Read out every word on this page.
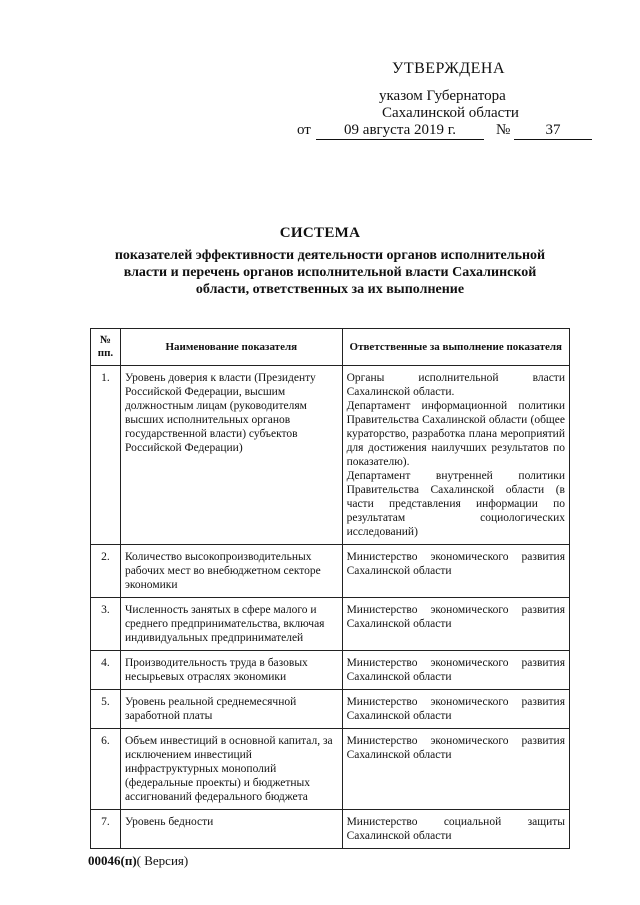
УТВЕРЖДЕНА
указом Губернатора
Сахалинской области
от	09 августа 2019 г.	№	37
СИСТЕМА
показателей эффективности деятельности органов исполнительной власти и перечень органов исполнительной власти Сахалинской области, ответственных за их выполнение
№ пп.	Наименование показателя	Ответственные за выполнение показателя
1.	Уровень доверия к власти (Президенту Российской Федерации, высшим должностным лицам (руководителям высших исполнительных органов государственной власти) субъектов Российской Федерации)	Органы исполнительной власти Сахалинской области.
Департамент информационной политики Правительства Сахалинской области (общее кураторство, разработка плана мероприятий для достижения наилучших результатов по показателю).
Департамент внутренней политики Правительства Сахалинской области (в части представления информации по результатам социологических исследований)

2.	Количество высокопроизводительных рабочих мест во внебюджетном секторе экономики	Министерство экономического развития Сахалинской области

3.	Численность занятых в сфере малого и среднего предпринимательства, включая индивидуальных предпринимателей	Министерство экономического развития Сахалинской области

4.	Производительность труда в базовых несырьевых отраслях экономики	Министерство экономического развития Сахалинской области

5.	Уровень реальной среднемесячной заработной платы	Министерство экономического развития Сахалинской области

6.	Объем инвестиций в основной капитал, за исключением инвестиций инфраструктурных монополий (федеральные проекты) и бюджетных ассигнований федерального бюджета	Министерство экономического развития Сахалинской области

7.	Уровень бедности	Министерство социальной защиты Сахалинской области
00046(п)( Версия)
